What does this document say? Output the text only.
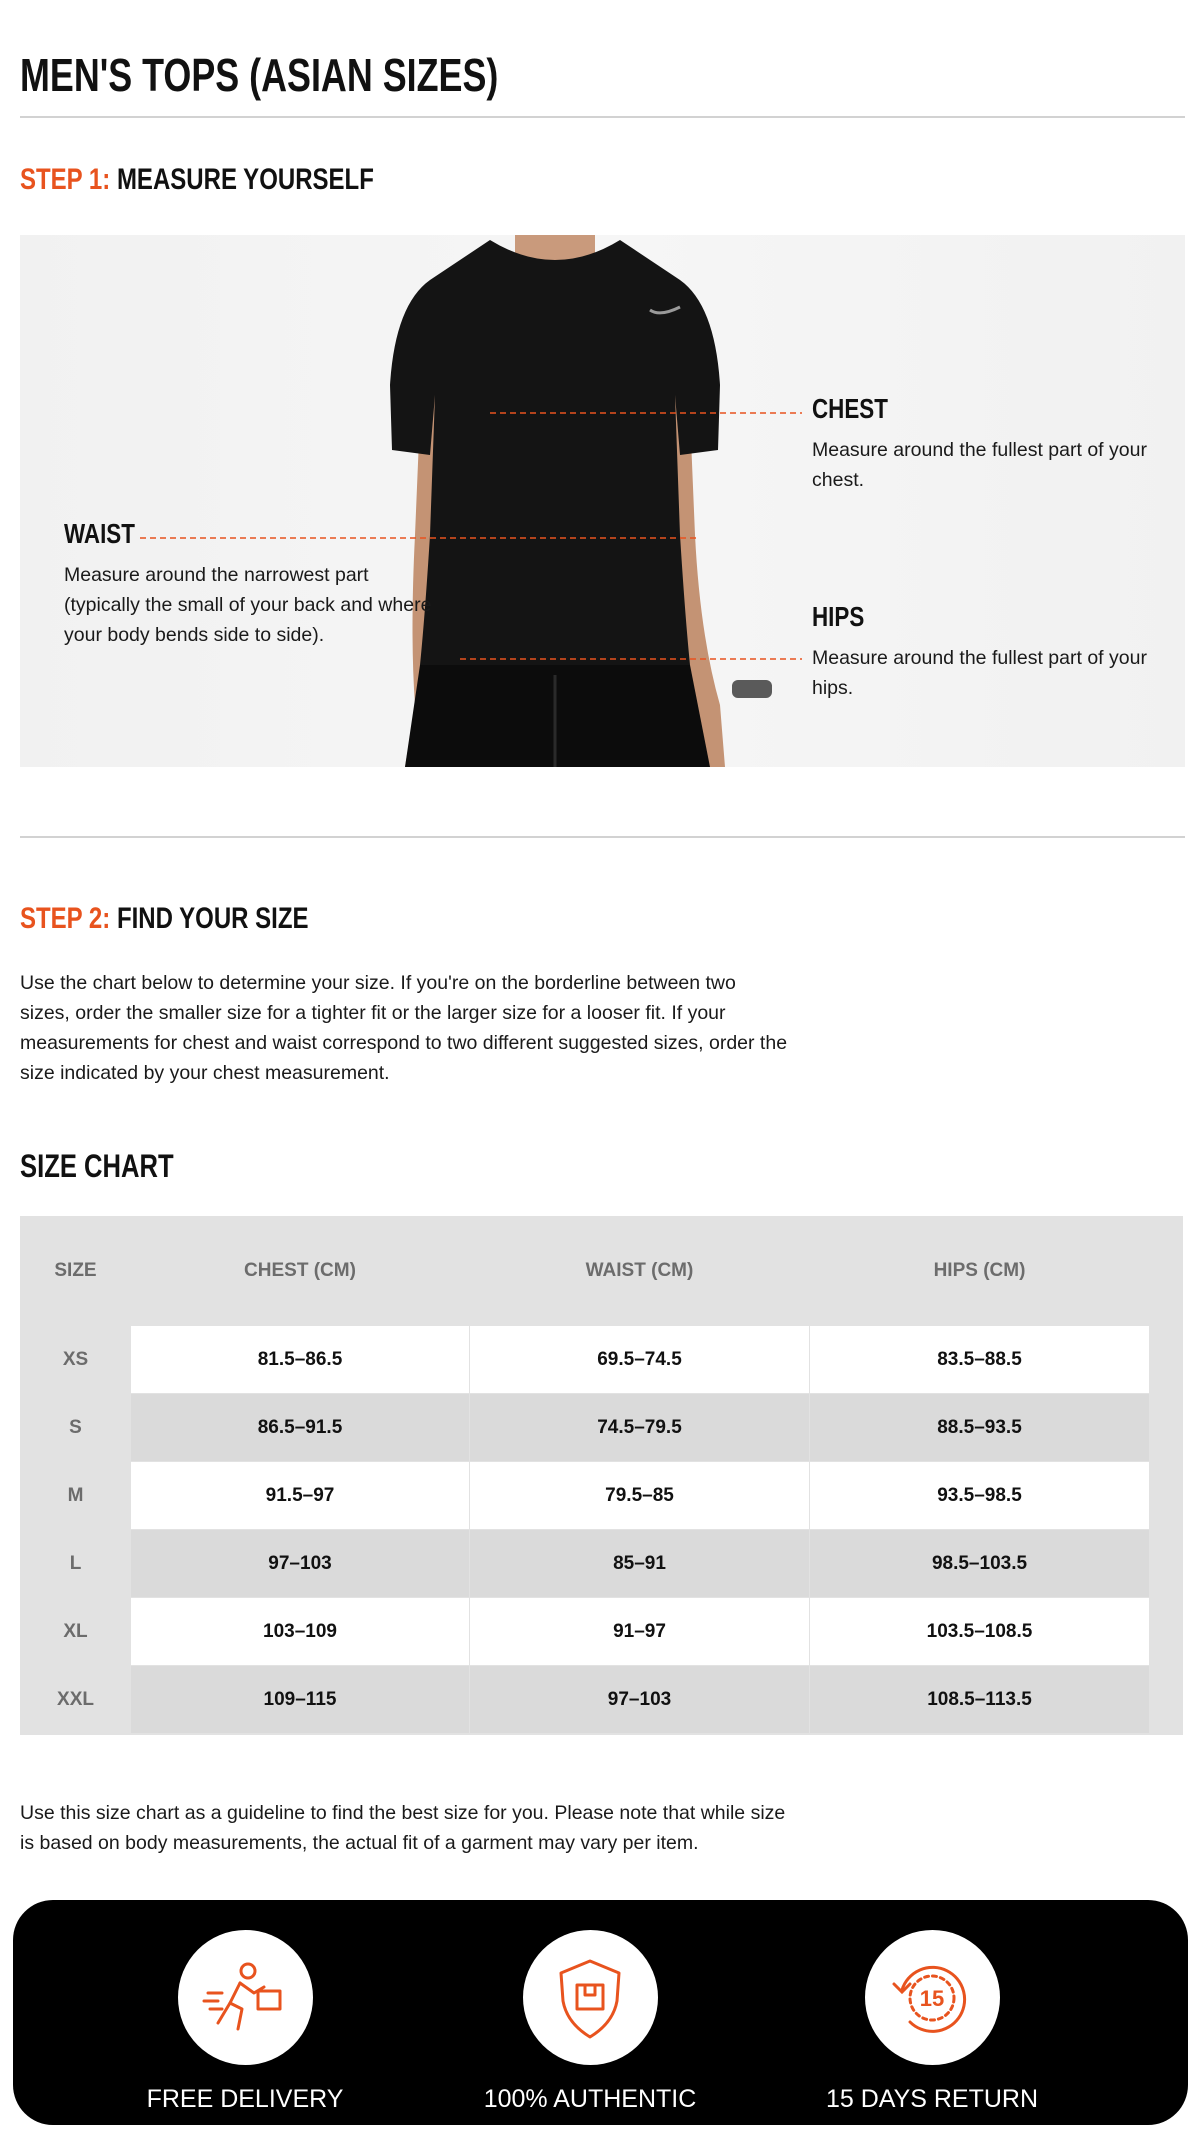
MEN'S TOPS (ASIAN SIZES)
STEP 1: MEASURE YOURSELF
CHEST
Measure around the fullest part of your chest.
WAIST
Measure around the narrowest part (typically the small of your back and where your body bends side to side).
HIPS
Measure around the fullest part of your hips.
STEP 2: FIND YOUR SIZE

Use the chart below to determine your size. If you're on the borderline between two sizes, order the smaller size for a tighter fit or the larger size for a looser fit. If your measurements for chest and waist correspond to two different suggested sizes, order the size indicated by your chest measurement.

SIZE CHART
SIZE	CHEST (CM)	WAIST (CM)	HIPS (CM)
XS	81.5–86.5	69.5–74.5	83.5–88.5
S	86.5–91.5	74.5–79.5	88.5–93.5
M	91.5–97	79.5–85	93.5–98.5
L	97–103	85–91	98.5–103.5
XL	103–109	91–97	103.5–108.5
XXL	109–115	97–103	108.5–113.5

Use this size chart as a guideline to find the best size for you. Please note that while size is based on body measurements, the actual fit of a garment may vary per item.

FREE DELIVERY	100% AUTHENTIC
15
15 DAYS RETURN
